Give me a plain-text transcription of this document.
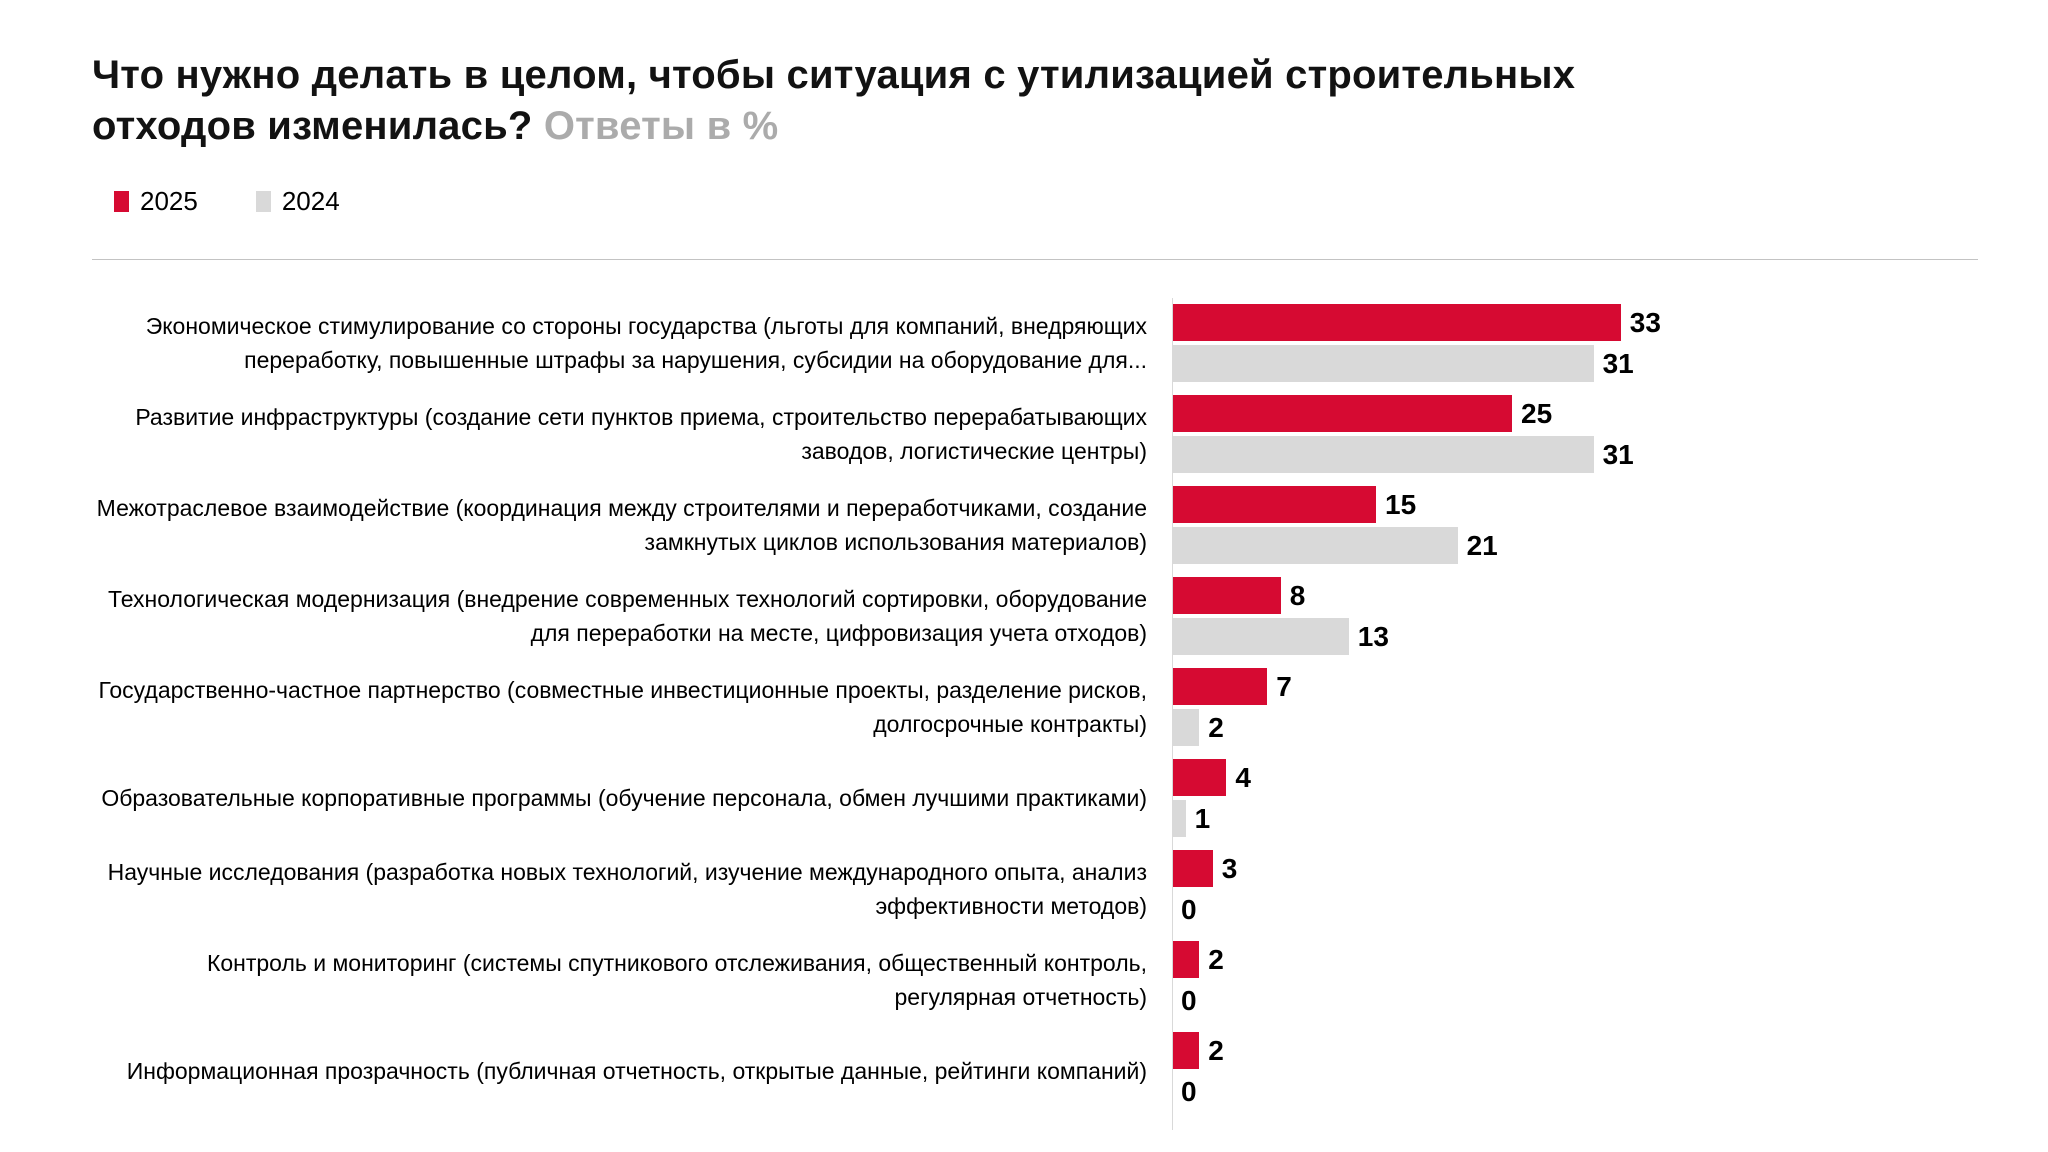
Что нужно делать в целом, чтобы ситуация с утилизацией строительных отходов изменилась? Ответы в %
2025	2024
Экономическое стимулирование со стороны государства (льготы для компаний, внедряющих переработку, повышенные штрафы за нарушения, субсидии на оборудование для...
33
31
Развитие инфраструктуры (создание сети пунктов приема, строительство перерабатывающих заводов, логистические центры)
25
31
Межотраслевое взаимодействие (координация между строителями и переработчиками, создание замкнутых циклов использования материалов)
15
21
Технологическая модернизация (внедрение современных технологий сортировки, оборудование для переработки на месте, цифровизация учета отходов)
8
13
Государственно-частное партнерство (совместные инвестиционные проекты, разделение рисков, долгосрочные контракты)
7
2
Образовательные корпоративные программы (обучение персонала, обмен лучшими практиками)
4
1
Научные исследования (разработка новых технологий, изучение международного опыта, анализ эффективности методов)
3
0
Контроль и мониторинг (системы спутникового отслеживания, общественный контроль, регулярная отчетность)
2
0
Информационная прозрачность (публичная отчетность, открытые данные, рейтинги компаний)
2
0
